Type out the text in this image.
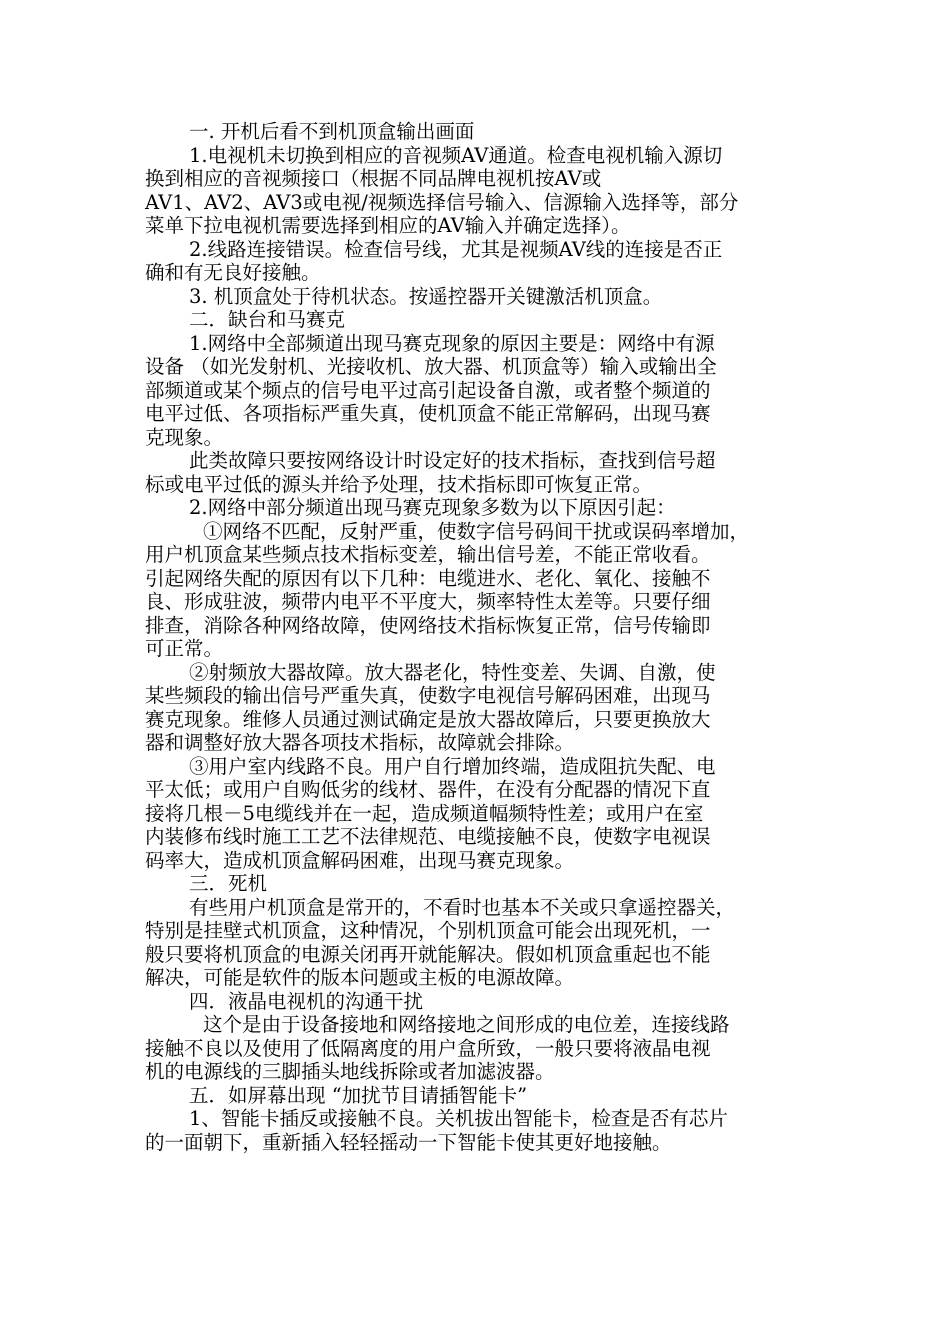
一. 开机后看不到机顶盒输出画面
1.电视机未切换到相应的音视频AV通道。检查电视机输入源切
换到相应的音视频接口（根据不同品牌电视机按AV或
AV1、AV2、AV3或电视/视频选择信号输入、信源输入选择等，部分
菜单下拉电视机需要选择到相应的AV输入并确定选择）。
2.线路连接错误。检查信号线，尤其是视频AV线的连接是否正
确和有无良好接触。
3. 机顶盒处于待机状态。按遥控器开关键激活机顶盒。
二．缺台和马赛克
1.网络中全部频道出现马赛克现象的原因主要是：网络中有源
设备 （如光发射机、光接收机、放大器、机顶盒等）输入或输出全
部频道或某个频点的信号电平过高引起设备自激，或者整个频道的
电平过低、各项指标严重失真，使机顶盒不能正常解码，出现马赛
克现象。
此类故障只要按网络设计时设定好的技术指标，查找到信号超
标或电平过低的源头并给予处理，技术指标即可恢复正常。
2.网络中部分频道出现马赛克现象多数为以下原因引起：
①网络不匹配，反射严重，使数字信号码间干扰或误码率增加，
用户机顶盒某些频点技术指标变差，输出信号差，不能正常收看。
引起网络失配的原因有以下几种：电缆进水、老化、氧化、接触不
良、形成驻波，频带内电平不平度大，频率特性太差等。只要仔细
排查，消除各种网络故障，使网络技术指标恢复正常，信号传输即
可正常。
②射频放大器故障。放大器老化，特性变差、失调、自激，使
某些频段的输出信号严重失真，使数字电视信号解码困难，出现马
赛克现象。维修人员通过测试确定是放大器故障后，只要更换放大
器和调整好放大器各项技术指标，故障就会排除。
③用户室内线路不良。用户自行增加终端，造成阻抗失配、电
平太低；或用户自购低劣的线材、器件，在没有分配器的情况下直
接将几根－5电缆线并在一起，造成频道幅频特性差；或用户在室
内装修布线时施工工艺不法律规范、电缆接触不良，使数字电视误
码率大，造成机顶盒解码困难，出现马赛克现象。
三．死机
有些用户机顶盒是常开的，不看时也基本不关或只拿遥控器关，
特别是挂壁式机顶盒，这种情况，个别机顶盒可能会出现死机，一
般只要将机顶盒的电源关闭再开就能解决。假如机顶盒重起也不能
解决，可能是软件的版本问题或主板的电源故障。
四．液晶电视机的沟通干扰
这个是由于设备接地和网络接地之间形成的电位差，连接线路
接触不良以及使用了低隔离度的用户盒所致，一般只要将液晶电视
机的电源线的三脚插头地线拆除或者加滤波器。
五．如屏幕出现 “加扰节目请插智能卡”
1、智能卡插反或接触不良。关机拔出智能卡，检查是否有芯片
的一面朝下，重新插入轻轻摇动一下智能卡使其更好地接触。
